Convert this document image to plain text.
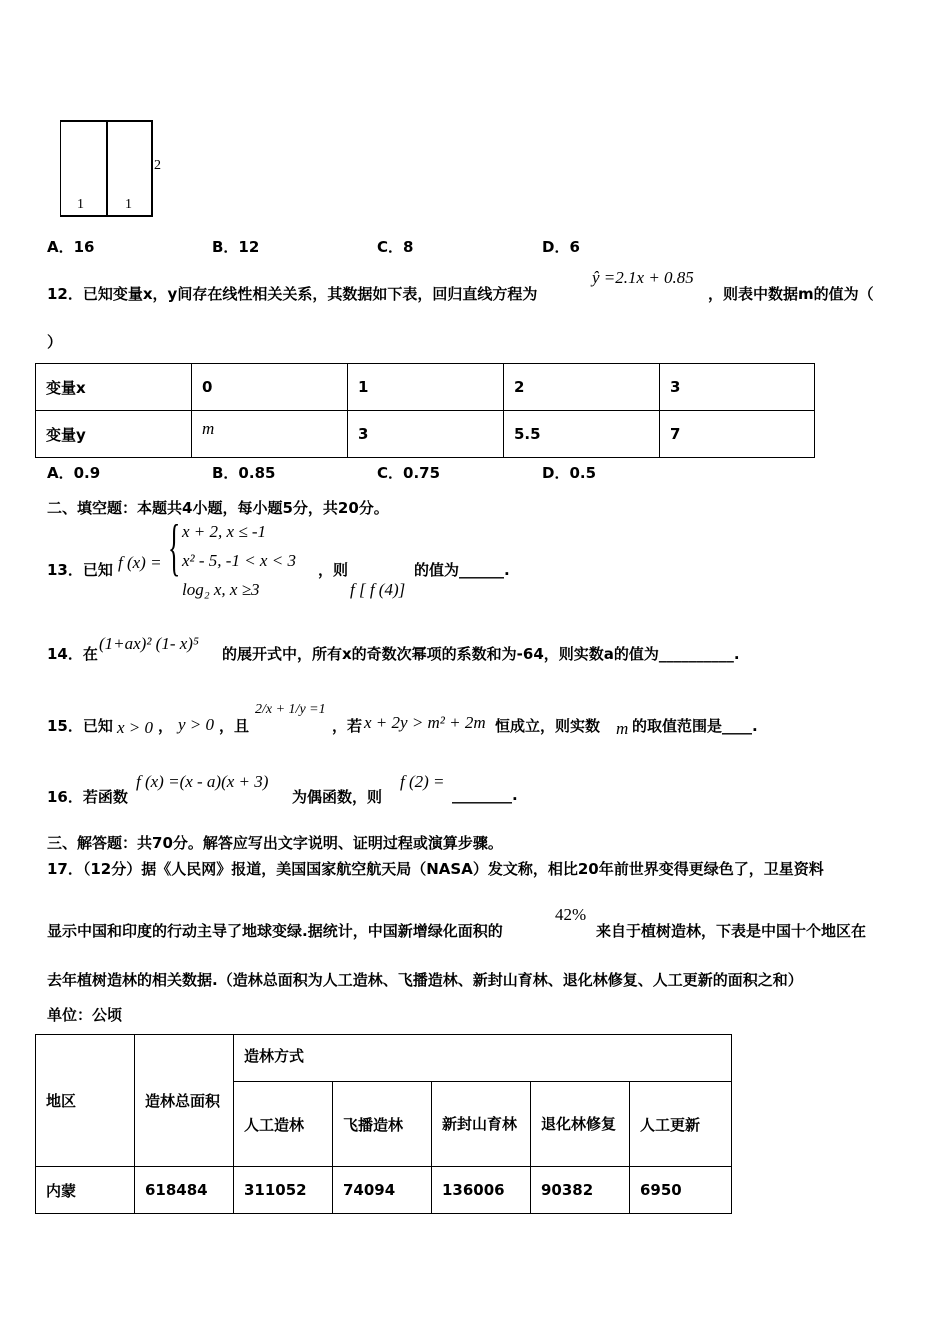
2
1	1
A．16	B．12	C．8	D．6
12．已知变量x，y间存在线性相关关系，其数据如下表，回归直线方程为
ŷ =2.1x + 0.85
，则表中数据m的值为（
）
变量x	0	1	2	3
变量y	m	3	5.5	7
A．0.9	B．0.85	C．0.75	D．0.5
二、填空题：本题共4小题，每小题5分，共20分。
13．已知 f (x) = { x + 2, x ≤ -1
x² - 5, -1 < x < 3
log₂ x, x ≥3
，则
f [ f (4)]
的值为______.
14．在
(1+ax)² (1- x)⁵
的展开式中，所有x的奇数次幂项的系数和为-64，则实数a的值为__________.
15．已知 x > 0 ， y > 0 ，且
2/x + 1/y =1
，若 x + 2y > m² + 2m 恒成立，则实数 m 的取值范围是____.
16．若函数
f (x) =(x - a)(x + 3)
为偶函数，则
f (2) =
________.
三、解答题：共70分。解答应写出文字说明、证明过程或演算步骤。
17．（12分）据《人民网》报道，美国国家航空航天局（NASA）发文称，相比20年前世界变得更绿色了，卫星资料
显示中国和印度的行动主导了地球变绿.据统计，中国新增绿化面积的
42%
来自于植树造林，下表是中国十个地区在
去年植树造林的相关数据.（造林总面积为人工造林、飞播造林、新封山育林、退化林修复、人工更新的面积之和）
单位：公顷
地区	造林总面积	造林方式				
		人工造林	飞播造林	新封山育林	退化林修复	人工更新
内蒙	618484	311052	74094	136006	90382	6950
